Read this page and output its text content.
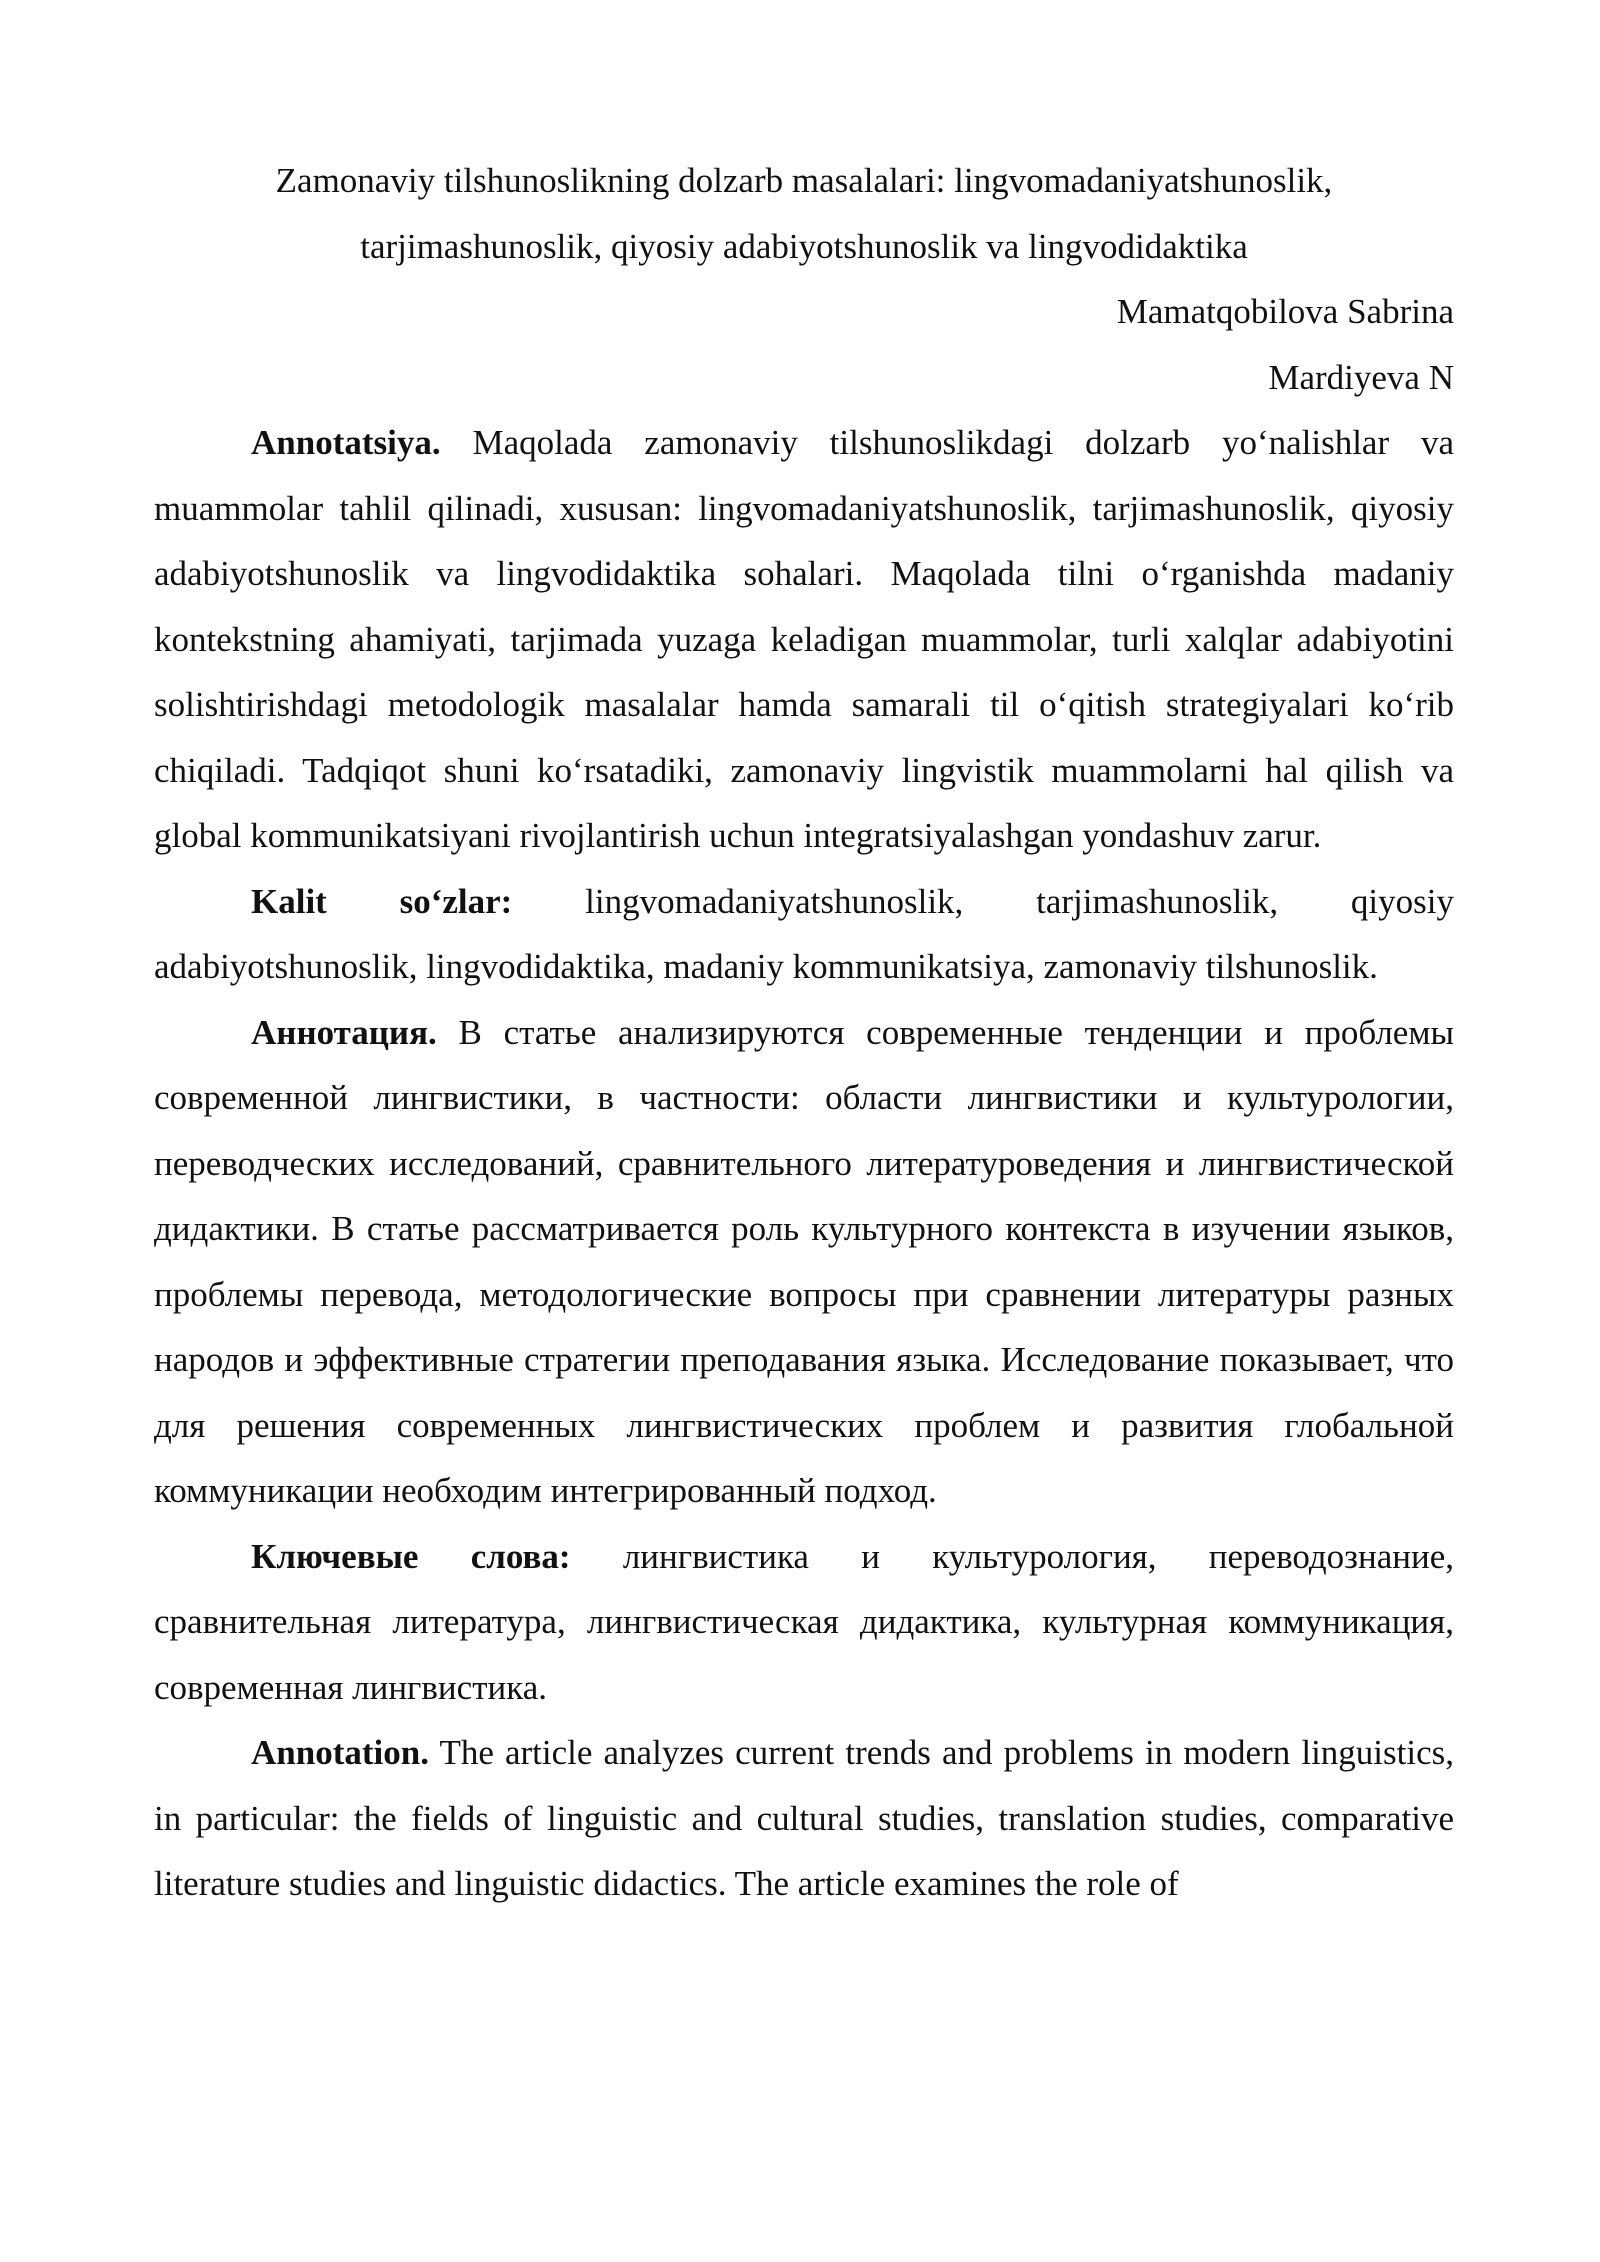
Zamonaviy tilshunoslikning dolzarb masalalari: lingvomadaniyatshunoslik, tarjimashunoslik, qiyosiy adabiyotshunoslik va lingvodidaktika
Mamatqobilova Sabrina
Mardiyeva N

Annotatsiya. Maqolada zamonaviy tilshunoslikdagi dolzarb yo‘nalishlar va muammolar tahlil qilinadi, xususan: lingvomadaniyatshunoslik, tarjimashunoslik, qiyosiy adabiyotshunoslik va lingvodidaktika sohalari. Maqolada tilni o‘rganishda madaniy kontekstning ahamiyati, tarjimada yuzaga keladigan muammolar, turli xalqlar adabiyotini solishtirishdagi metodologik masalalar hamda samarali til o‘qitish strategiyalari ko‘rib chiqiladi. Tadqiqot shuni ko‘rsatadiki, zamonaviy lingvistik muammolarni hal qilish va global kommunikatsiyani rivojlantirish uchun integratsiyalashgan yondashuv zarur.

Kalit so‘zlar: lingvomadaniyatshunoslik, tarjimashunoslik, qiyosiy adabiyotshunoslik, lingvodidaktika, madaniy kommunikatsiya, zamonaviy tilshunoslik.

Аннотация. В статье анализируются современные тенденции и проблемы современной лингвистики, в частности: области лингвистики и культурологии, переводческих исследований, сравнительного литературоведения и лингвистической дидактики. В статье рассматривается роль культурного контекста в изучении языков, проблемы перевода, методологические вопросы при сравнении литературы разных народов и эффективные стратегии преподавания языка. Исследование показывает, что для решения современных лингвистических проблем и развития глобальной коммуникации необходим интегрированный подход.

Ключевые слова: лингвистика и культурология, переводознание, сравнительная литература, лингвистическая дидактика, культурная коммуникация, современная лингвистика.

Annotation. The article analyzes current trends and problems in modern linguistics, in particular: the fields of linguistic and cultural studies, translation studies, comparative literature studies and linguistic didactics. The article examines the role of
